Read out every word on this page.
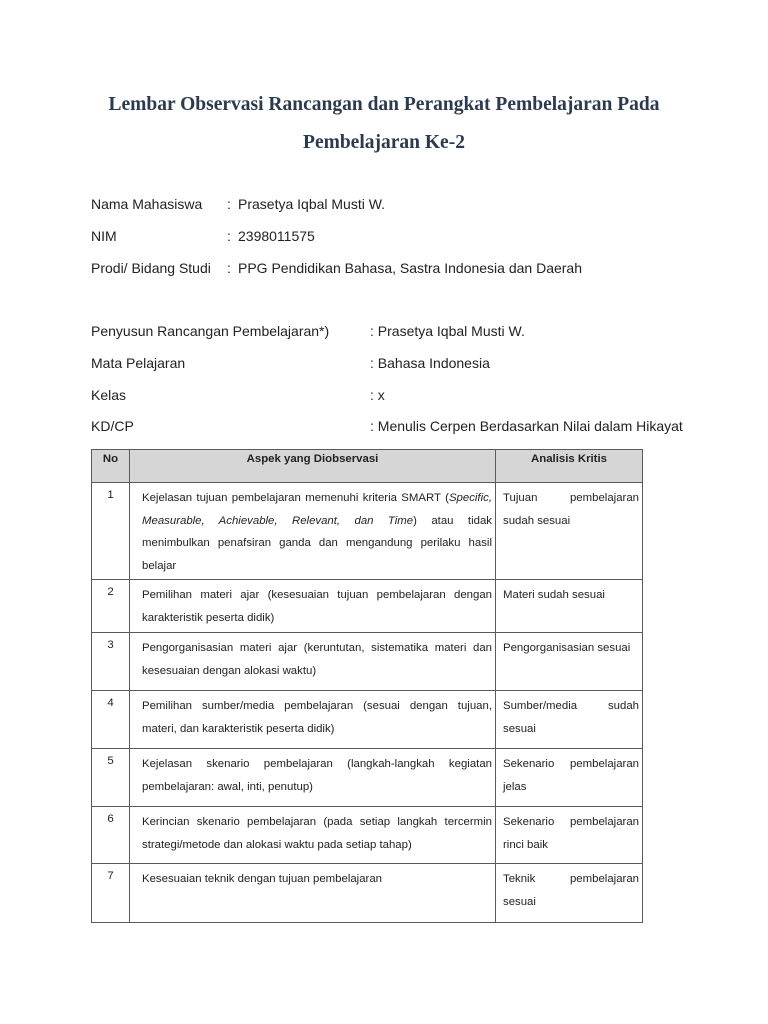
Lembar Observasi Rancangan dan Perangkat Pembelajaran Pada
Pembelajaran Ke-2
Nama Mahasiswa : Prasetya Iqbal Musti W.
NIM	: 2398011575
Prodi/ Bidang Studi : PPG Pendidikan Bahasa, Sastra Indonesia dan Daerah
Penyusun Rancangan Pembelajaran*)	: Prasetya Iqbal Musti W.
Mata Pelajaran	: Bahasa Indonesia
Kelas	: x
KD/CP	: Menulis Cerpen Berdasarkan Nilai dalam Hikayat
No	Aspek yang Diobservasi	Analisis Kritis
1	Kejelasan tujuan pembelajaran memenuhi kriteria SMART (Specific, Measurable, Achievable, Relevant, dan Time) atau tidak menimbulkan penafsiran ganda dan mengandung perilaku hasil belajar	Tujuan pembelajaran sudah sesuai
2	Pemilihan materi ajar (kesesuaian tujuan pembelajaran dengan karakteristik peserta didik)	Materi sudah sesuai
3	Pengorganisasian materi ajar (keruntutan, sistematika materi dan kesesuaian dengan alokasi waktu)	Pengorganisasian sesuai
4	Pemilihan sumber/media pembelajaran (sesuai dengan tujuan, materi, dan karakteristik peserta didik)	Sumber/media sudah sesuai
5	Kejelasan skenario pembelajaran (langkah-langkah kegiatan pembelajaran: awal, inti, penutup)	Sekenario pembelajaran jelas
6	Kerincian skenario pembelajaran (pada setiap langkah tercermin strategi/metode dan alokasi waktu pada setiap tahap)	Sekenario pembelajaran rinci baik
7	Kesesuaian teknik dengan tujuan pembelajaran	Teknik pembelajaran sesuai
